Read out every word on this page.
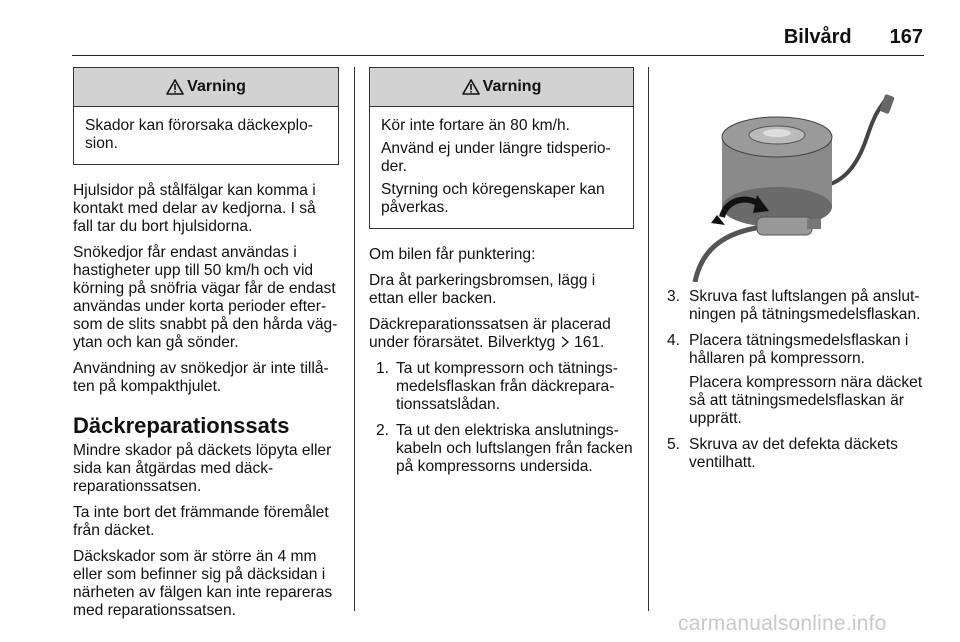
Bilvård 167
Varning

Skador kan förorsaka däckexplosion.

Hjulsidor på stålfälgar kan komma i kontakt med delar av kedjorna. I så fall tar du bort hjulsidorna.

Snökedjor får endast användas i hastigheter upp till 50 km/h och vid körning på snöfria vägar får de endast användas under korta perioder eftersom de slits snabbt på den hårda vägytan och kan gå sönder.

Användning av snökedjor är inte tillåten på kompakthjulet.

Däckreparationssats

Mindre skador på däckets löpyta eller sida kan åtgärdas med däckreparationssatsen.

Ta inte bort det främmande föremålet från däcket.

Däckskador som är större än 4 mm eller som befinner sig på däcksidan i närheten av fälgen kan inte repareras med reparationssatsen.

Varning

Kör inte fortare än 80 km/h.

Använd ej under längre tidsperioder.

Styrning och köregenskaper kan påverkas.

Om bilen får punktering:

Dra åt parkeringsbromsen, lägg i ettan eller backen.

Däckreparationssatsen är placerad under förarsätet. Bilverktyg 161.

1. Ta ut kompressorn och tätningsmedelsflaskan från däckreparationssatslådan.
2. Ta ut den elektriska anslutningskabeln och luftslangen från facken på kompressorns undersida.
3. Skruva fast luftslangen på anslutningen på tätningsmedelsflaskan.
4. Placera tätningsmedelsflaskan i hållaren på kompressorn.

Placera kompressorn nära däcket så att tätningsmedelsflaskan är upprätt.

5. Skruva av det defekta däckets ventilhatt.
carmanualsonline.info
